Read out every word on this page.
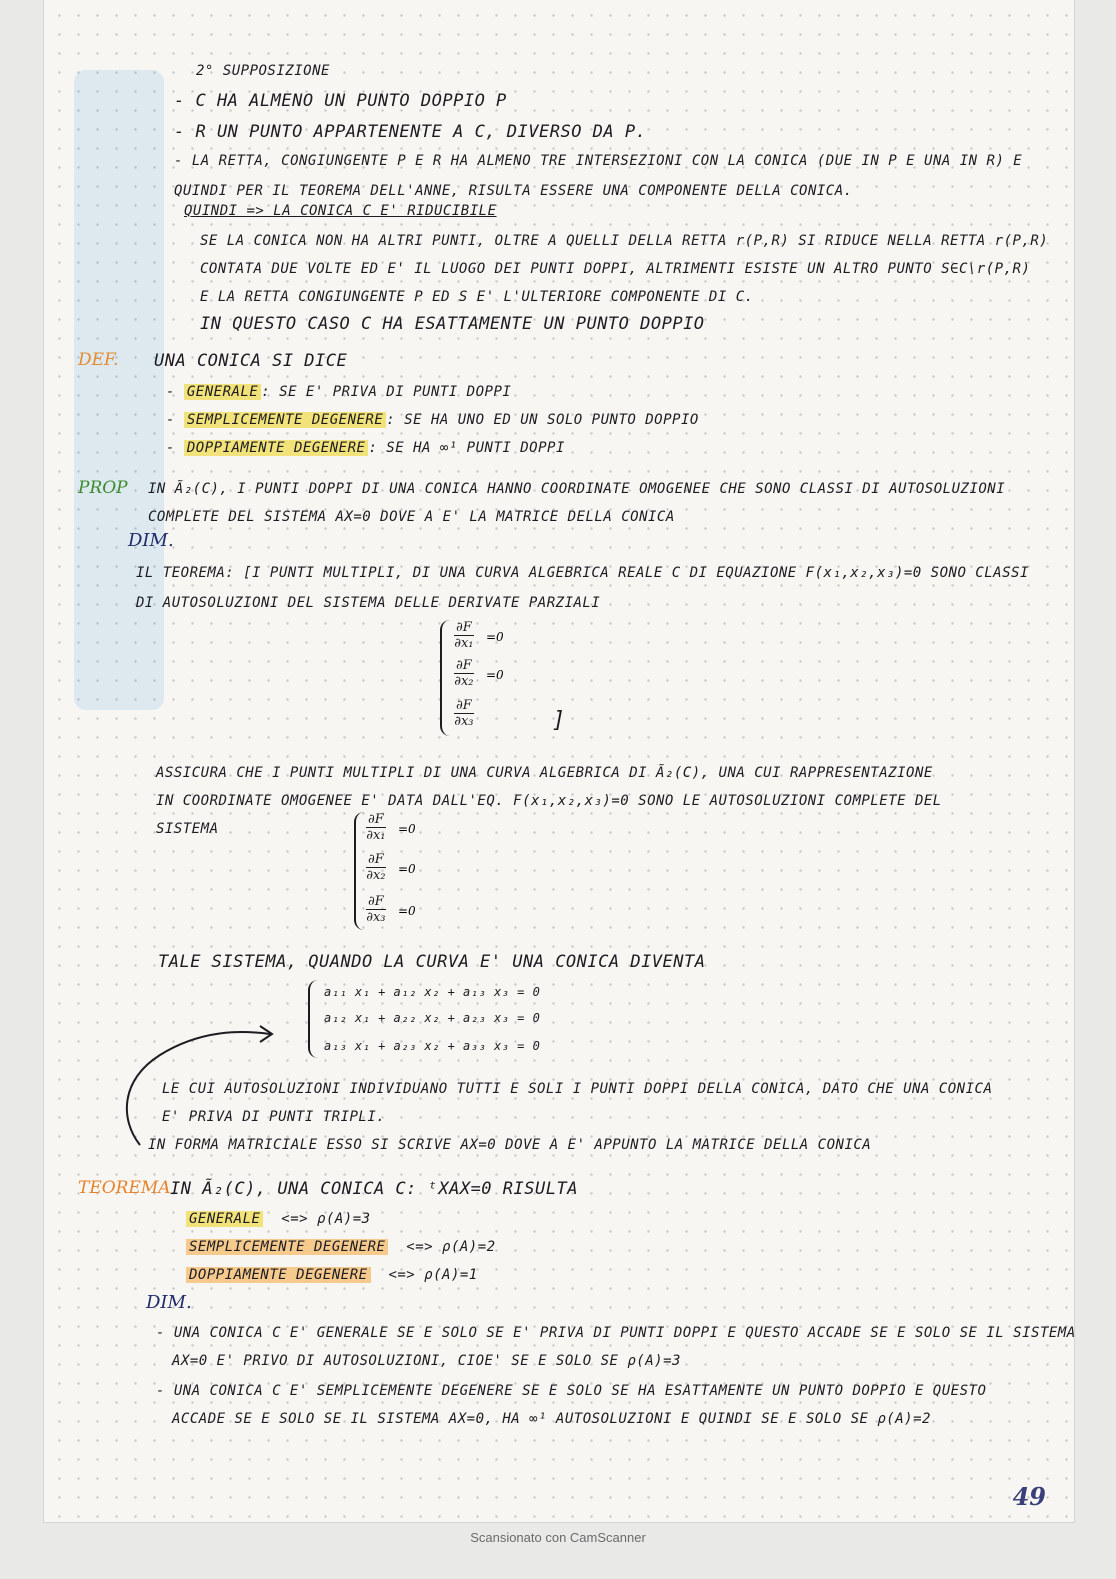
2° SUPPOSIZIONE
- C HA ALMENO UN PUNTO DOPPIO P
- R UN PUNTO APPARTENENTE A C, DIVERSO DA P.
- LA RETTA, CONGIUNGENTE P E R HA ALMENO TRE INTERSEZIONI CON LA CONICA (DUE IN P E UNA IN R) E
QUINDI PER IL TEOREMA DELL'ANNE, RISULTA ESSERE UNA COMPONENTE DELLA CONICA.
QUINDI => LA CONICA C E' RIDUCIBILE
SE LA CONICA NON HA ALTRI PUNTI, OLTRE A QUELLI DELLA RETTA r(P,R) SI RIDUCE NELLA RETTA r(P,R)
CONTATA DUE VOLTE ED E' IL LUOGO DEI PUNTI DOPPI, ALTRIMENTI ESISTE UN ALTRO PUNTO S∈C\r(P,R)
E LA RETTA CONGIUNGENTE P ED S E' L'ULTERIORE COMPONENTE DI C.
IN QUESTO CASO C HA ESATTAMENTE UN PUNTO DOPPIO
DEF. UNA CONICA SI DICE
- GENERALE : SE E' PRIVA DI PUNTI DOPPI
- SEMPLICEMENTE DEGENERE : SE HA UNO ED UN SOLO PUNTO DOPPIO
- DOPPIAMENTE DEGENERE : SE HA ∞¹ PUNTI DOPPI
PROP IN Ã₂(C), I PUNTI DOPPI DI UNA CONICA HANNO COORDINATE OMOGENEE CHE SONO CLASSI DI AUTOSOLUZIONI
COMPLETE DEL SISTEMA AX=0 DOVE A E' LA MATRICE DELLA CONICA
DIM.
IL TEOREMA: [I PUNTI MULTIPLI, DI UNA CURVA ALGEBRICA REALE C DI EQUAZIONE F(x₁,x₂,x₃)=0 SONO CLASSI
DI AUTOSOLUZIONI DEL SISTEMA DELLE DERIVATE PARZIALI
$\frac{\partial F}{\text{∂x₁}} =0$
$\frac{\partial F}{\text{∂x₂}} =0$
$\frac{\partial F}{\text{∂x₃}}$	]
ASSICURA CHE I PUNTI MULTIPLI DI UNA CURVA ALGEBRICA DI Ã₂(C), UNA CUI RAPPRESENTAZIONE
IN COORDINATE OMOGENEE E' DATA DALL'EQ. F(x₁,x₂,x₃)=0 SONO LE AUTOSOLUZIONI COMPLETE DEL
SISTEMA	$\frac{\partial F}{\text{∂x₁}} =0$
$\frac{\partial F}{\text{∂x₂}} =0$
$\frac{\partial F}{\text{∂x₃}} =0$
TALE SISTEMA, QUANDO LA CURVA E' UNA CONICA DIVENTA
a₁₁ x₁ + a₁₂ x₂ + a₁₃ x₃ = 0
a₁₂ x₁ + a₂₂ x₂ + a₂₃ x₃ = 0
a₁₃ x₁ + a₂₃ x₂ + a₃₃ x₃ = 0
LE CUI AUTOSOLUZIONI INDIVIDUANO TUTTI E SOLI I PUNTI DOPPI DELLA CONICA, DATO CHE UNA CONICA
E' PRIVA DI PUNTI TRIPLI.
IN FORMA MATRICIALE ESSO SI SCRIVE AX=0 DOVE A E' APPUNTO LA MATRICE DELLA CONICA
TEOREMA IN Ã₂(C), UNA CONICA C: ᵗXAX=0 RISULTA
GENERALE <=> ρ(A)=3
SEMPLICEMENTE DEGENERE <=> ρ(A)=2
DOPPIAMENTE DEGENERE <=> ρ(A)=1
DIM.
- UNA CONICA C E' GENERALE SE E SOLO SE E' PRIVA DI PUNTI DOPPI E QUESTO ACCADE SE E SOLO SE IL SISTEMA
AX=0 E' PRIVO DI AUTOSOLUZIONI, CIOE' SE E SOLO SE ρ(A)=3
- UNA CONICA C E' SEMPLICEMENTE DEGENERE SE E SOLO SE HA ESATTAMENTE UN PUNTO DOPPIO E QUESTO
ACCADE SE E SOLO SE IL SISTEMA AX=0, HA ∞¹ AUTOSOLUZIONI E QUINDI SE E SOLO SE ρ(A)=2
49
Scansionato con CamScanner
